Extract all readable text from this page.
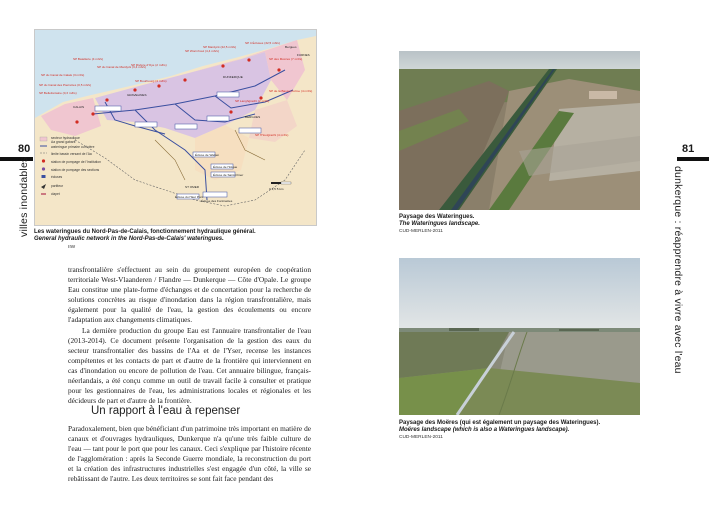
80
villes inondables
secteur hydraulique
Aa grand gabarit
wateringue primaire ou rivière
limite bassin versant de l'Aa
station de pompage de l'Institution
station de pompage des sections
écluses
partiteur
clapet
SP Bellefontaine (0,3 m3/s)
SP du Canal de Calais (3 m3/s)
SP du Canal des Pierrettes (0,5 m3/s)
SP Batellerie (4 m3/s)
SP du Canal de Mardyck (3,4 m3/s)
SP Rivière d'Oye (2 m3/s)
SP Wormhout (4,4 m3/s)
SP Mardyck (22,5 m3/s)
SP 4 Écluses (32,5 m3/s)
SP des Moëres (7 m3/s)
SP Langhgracht (2 m3/s)
SP de la Basse-Colme (4 m3/s)
SP Bourbourg (4 m3/s)
SP l'Hoolgracht (4 m3/s)
CALAIS
DUNKERQUE
BERGUES
GRAVELINES
ST OMER
Bergues
FURNES
Écluse de Watten
Écluse de Holque
Écluse du Haut Pont
Écluse de Saint-Omer
Écluse des Fontinettes
0 2,5 5 km
Les wateringues du Nord-Pas-de-Calais, fonctionnement hydraulique général.
General hydraulic network in the Nord-Pas-de-Calais' wateringues.
IIW

transfrontalière s'effectuent au sein du groupement européen de coopération territoriale West-Vlaanderen / Flandre — Dunkerque — Côte d'Opale. Le groupe Eau constitue une plate-forme d'échanges et de concertation pour la recherche de solutions concrètes au risque d'inondation dans la région transfrontalière, mais également pour la qualité de l'eau, la gestion des écoulements ou encore l'adaptation aux changements climatiques.

La dernière production du groupe Eau est l'annuaire transfrontalier de l'eau (2013-2014). Ce document présente l'organisation de la gestion des eaux du secteur transfrontalier des bassins de l'Aa et de l'Yser, recense les instances compétentes et les contacts de part et d'autre de la frontière qui interviennent en cas d'inondation ou encore de pollution de l'eau. Cet annuaire bilingue, français-néerlandais, a été conçu comme un outil de travail facile à consulter et pratique pour les gestionnaires de l'eau, les administrations locales et régionales et les décideurs de part et d'autre de la frontière.

Un rapport à l'eau à repenser

Paradoxalement, bien que bénéficiant d'un patrimoine très important en matière de canaux et d'ouvrages hydrauliques, Dunkerque n'a qu'une très faible culture de l'eau — tant pour le port que pour les canaux. Ceci s'explique par l'histoire récente de l'agglomération : après la Seconde Guerre mondiale, la reconstruction du port et la création des infrastructures industrielles s'est engagée d'un côté, la ville se rebâtissant de l'autre. Les deux territoires se sont fait face pendant des

81
dunkerque : réapprendre à vivre avec l'eau
Paysage des Wateringues.
The Wateringues landscape.
CUD-MERLEN-2011
Paysage des Moëres (qui est également un paysage des Wateringues).
Moëres landscape (which is also a Wateringues landscape).
CUD-MERLEN-2011
